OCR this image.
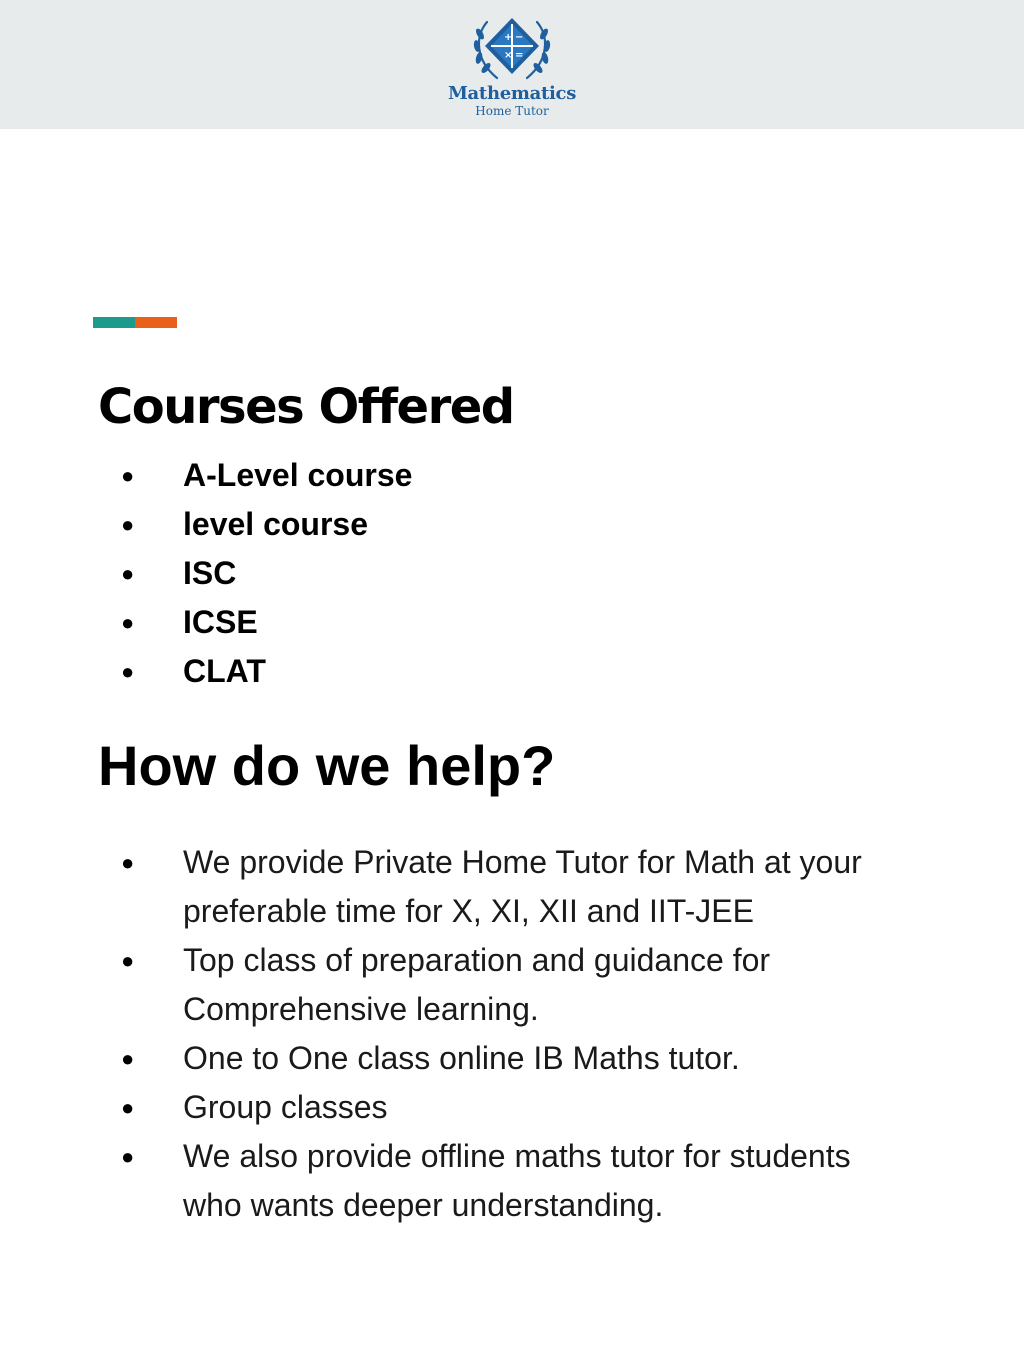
+ −
× =
Mathematics
Home Tutor
Courses Offered
● A-Level course
● level course
● ISC
● ICSE
● CLAT
How do we help?
● We provide Private Home Tutor for Math at your preferable time for X, XI, XII and IIT-JEE
● Top class of preparation and guidance for Comprehensive learning.
● One to One class online IB Maths tutor.
● Group classes
● We also provide offline maths tutor for students who wants deeper understanding.
